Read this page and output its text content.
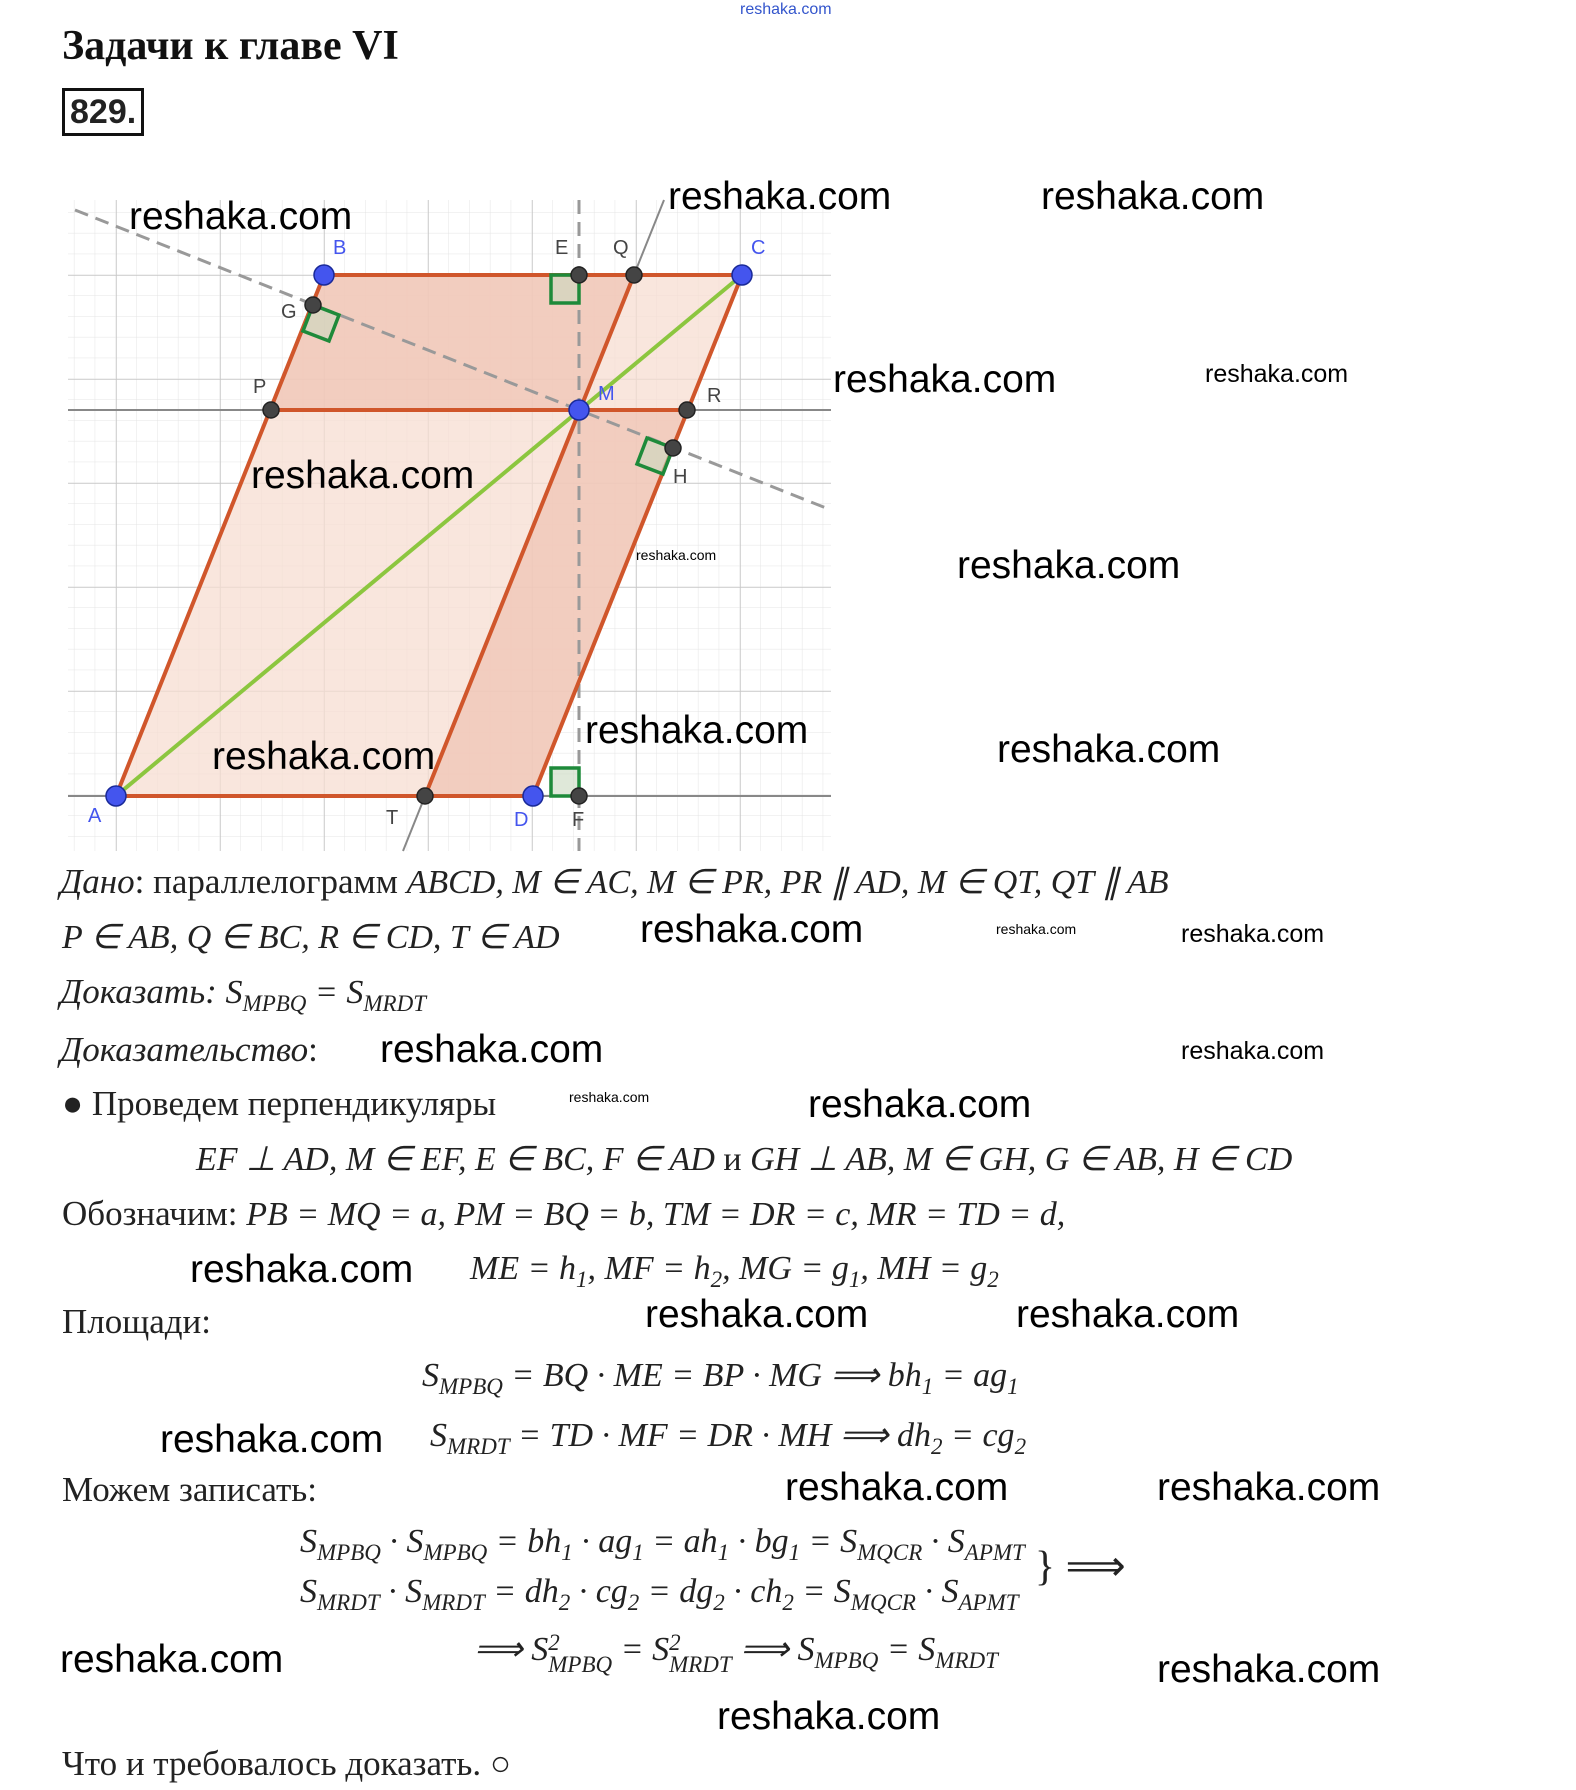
Задачи к главе VI
829.
A
B	C
D
M
P	R
Q
T
E
F
G
H
Дано: параллелограмм ABCD, M ∈ AC, M ∈ PR, PR ∥ AD, M ∈ QT, QT ∥ AB
P ∈ AB, Q ∈ BC, R ∈ CD, T ∈ AD
Доказать: $S_{MPBQ} = S_{MRDT}$
Доказательство:
● Проведем перпендикуляры
EF ⊥ AD, M ∈ EF, E ∈ BC, F ∈ AD и GH ⊥ AB, M ∈ GH, G ∈ AB, H ∈ CD
Обозначим: PB = MQ = a, PM = BQ = b, TM = DR = c, MR = TD = d,
ME = $h_1$, MF = $h_2$, MG = $g_1$, MH = $g_2$
Площади:
$S_{MPBQ}$ = BQ · ME = BP · MG ⟹ $bh_1 = ag_1$
$S_{MRDT}$ = TD · MF = DR · MH ⟹ $dh_2 = cg_2$
Можем записать:
$S_{MPBQ} \cdot S_{MPBQ} = bh_1 \cdot ag_1 = ah_1 \cdot bg_1 = S_{MQCR} \cdot S_{APMT}$
$S_{MRDT} \cdot S_{MRDT} = dh_2 \cdot cg_2 = dg_2 \cdot ch_2 = S_{MQCR} \cdot S_{APMT}$
} ⟹
⟹ S 2
MPBQ = S 2
MRDT ⟹ $S_{MPBQ} = S_{MRDT}$
Что и требовалось доказать. ○
reshaka.com
reshaka.com	reshaka.com	reshaka.com
reshaka.com	reshaka.com
reshaka.com
reshaka.com	reshaka.com
reshaka.com	reshaka.com
reshaka.com
reshaka.com	reshaka.com	reshaka.com
reshaka.com	reshaka.com
reshaka.com	reshaka.com
reshaka.com
reshaka.com	reshaka.com
reshaka.com
reshaka.com	reshaka.com
reshaka.com
reshaka.com
reshaka.com
